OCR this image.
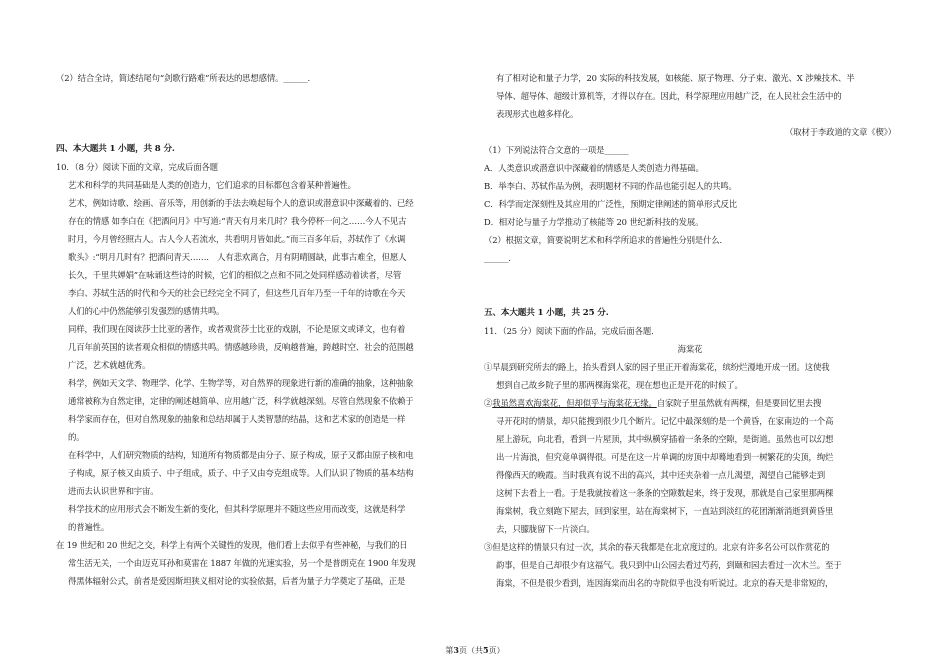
（2）结合全诗，简述结尾句“剑歌行路难”所表达的思想感情。______.
四、本大题共 1 小题，共 8 分.
10．（8 分）阅读下面的文章，完成后面各题
艺术和科学的共同基础是人类的创造力，它们追求的目标都包含着某种普遍性。
艺术，例如诗歌、绘画、音乐等，用创新的手法去唤起每个人的意识或潜意识中深藏着的、已经
存在的情感 如李白在《把酒问月》中写道:“青天有月来几时？我今停杯一问之……今人不见古
时月，今月曾经照古人。古人今人若流水，共看明月皆如此。”而三百多年后，苏轼作了《水调
歌头》:“明月几时有？把酒问青天……． 人有悲欢离合，月有阴晴圆缺，此事古难全，但愿人
长久，千里共婵娟”在咏诵这些诗的时候，它们的相似之点和不同之处同样感动着读者，尽管
李白、苏轼生活的时代和今天的社会已经完全不同了，但这些几百年乃至一千年的诗歌在今天
人们的心中仍然能够引发强烈的感情共鸣。
同样，我们现在阅读莎士比亚的著作，或者观赏莎士比亚的戏剧，不论是原文或译文，也有着
几百年前英国的读者观众相似的情感共鸣。情感越珍贵，反响越普遍，跨越时空、社会的范围越
广泛，艺术就越优秀。
科学，例如天文学、物理学、化学、生物学等，对自然界的现象进行新的准确的抽象，这种抽象
通常被称为自然定律，定律的阐述越简单、应用越广泛，科学就越深刻。尽管自然现象不依赖于
科学家而存在，但对自然现象的抽象和总结却属于人类智慧的结晶，这和艺术家的创造是一样
的。
在科学中，人们研究物质的结构，知道所有物质都是由分子、原子构成，原子又都由原子核和电
子构成，原子核又由质子、中子组成，质子、中子又由夸克组成等。人们认识了物质的基本结构
进而去认识世界和宇宙。
科学技术的应用形式会不断发生新的变化，但其科学原理并不随这些应用而改变，这就是科学
的普遍性。
在 19 世纪和 20 世纪之交，科学上有两个关键性的发现，他们看上去似乎有些神秘，与我们的日
常生活无关，一个由迈克耳孙和莫雷在 1887 年做的光速实验，另一个是普朗克在 1900 年发现
得黑体辐射公式，前者是爱因斯坦狭义相对论的实验依据，后者为量子力学奠定了基础，正是
有了相对论和量子力学，20 实际的科技发展，如核能、原子物理、分子束、激光、X 涉辣技术、半
导体、超导体、超级计算机等，才得以存在。因此，科学原理应用越广泛，在人民社会生活中的
表现形式也越多样化。
（取材于李政道的文章《楔》）
（1）下列说法符合文意的一项是______
A．人类意识或潜意识中深藏着的情感是人类创造力得基础。
B．举李白、苏轼作品为例，表明题材不同的作品也能引起人的共鸣。
C．科学而定深刻性及其应用的广泛性，预期定律阐述的简单形式反比
D．相对论与量子力学推动了核能等 20 世纪新科技的发展。
（2）根据文章，简要说明艺术和科学所追求的普遍性分别是什么．
______.
五、本大题共 1 小题，共 25 分.
11．（25 分）阅读下面的作品，完成后面各题.
海棠花
①早晨到研究所去的路上，抬头看到人家的园子里正开着海棠花，缤纷烂漫地开成一团。这使我
想到自己故乡院子里的那两棵海棠花，现在想也正是开花的时候了。
②我虽然喜欢海棠花，但却似乎与海棠花无缘。自家院子里虽然就有两棵，但是要回忆里去搜
寻开花时的情景，却只能搜到很少几个断片。记忆中最深刻的是一个黄昏，在家南边的一个高
屋上游玩，向北看，看到一片屋顶，其中纵横穿插着一条条的空隙，是街道。虽然也可以幻想
出一片海浪，但究竟单调得很。可是在这一片单调的房顶中却蓦地看到一树繁花的尖顶，绚烂
得像西天的晚霞。当时我真有说不出的高兴，其中还夹杂着一点儿渴望，渴望自己能够走到
这树下去看上一看。于是我就按着这一条条的空隙数起来，终于发现，那就是自己家里那两棵
海棠树，我立刻跑下屋去，回到家里，站在海棠树下，一直站到淡红的花团渐渐消逝到黄昏里
去，只朦胧留下一片淡白。
③但是这样的情景只有过一次，其余的春天我都是在北京度过的。北京有许多名公可以作赏花的
韵事，但是自己却很少有这福气。我只到中山公园去看过芍药，到颐和园去看过一次木兰。至于
海棠，不但是很少看到，连因海棠而出名的寺院似乎也没有听说过。北京的春天是非常短的，
第3页（共5页）
